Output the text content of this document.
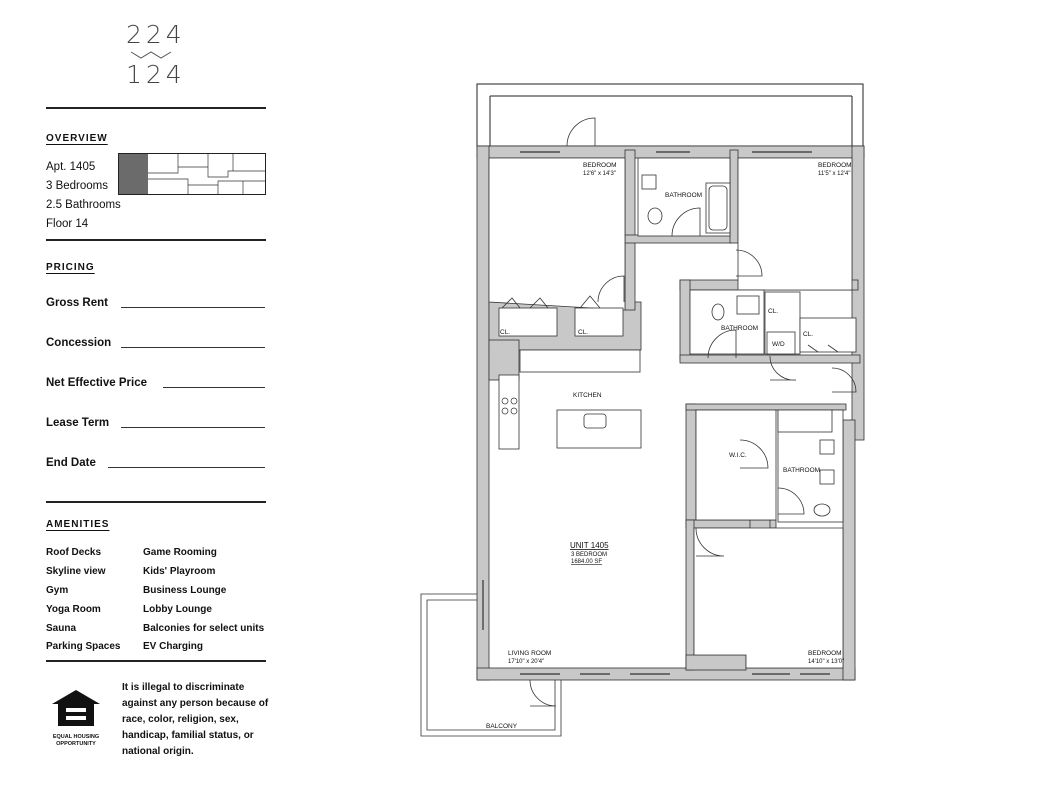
224
124
OVERVIEW
Apt. 1405
3 Bedrooms
2.5 Bathrooms
Floor 14
PRICING
Gross Rent
Concession
Net Effective Price
Lease Term
End Date
AMENITIES
Roof Decks
Skyline view
Gym
Yoga Room
Sauna
Parking Spaces
Game Rooming
Kids' Playroom
Business Lounge
Lobby Lounge
Balconies for select units
EV Charging
EQUAL HOUSING
OPPORTUNITY
It is illegal to discriminate against any person because of race, color, religion, sex, handicap, familial status, or national origin.
BEDROOM
12'6" x 14'3"
BEDROOM
11'5" x 12'4"
BATHROOM
BATHROOM
BATHROOM
CL.	CL.
CL.
CL.
W/D
KITCHEN
W.I.C.
UNIT 1405
3 BEDROOM
1684.00 SF
LIVING ROOM
17'10" x 20'4"
BEDROOM
14'10" x 13'0"
BALCONY
